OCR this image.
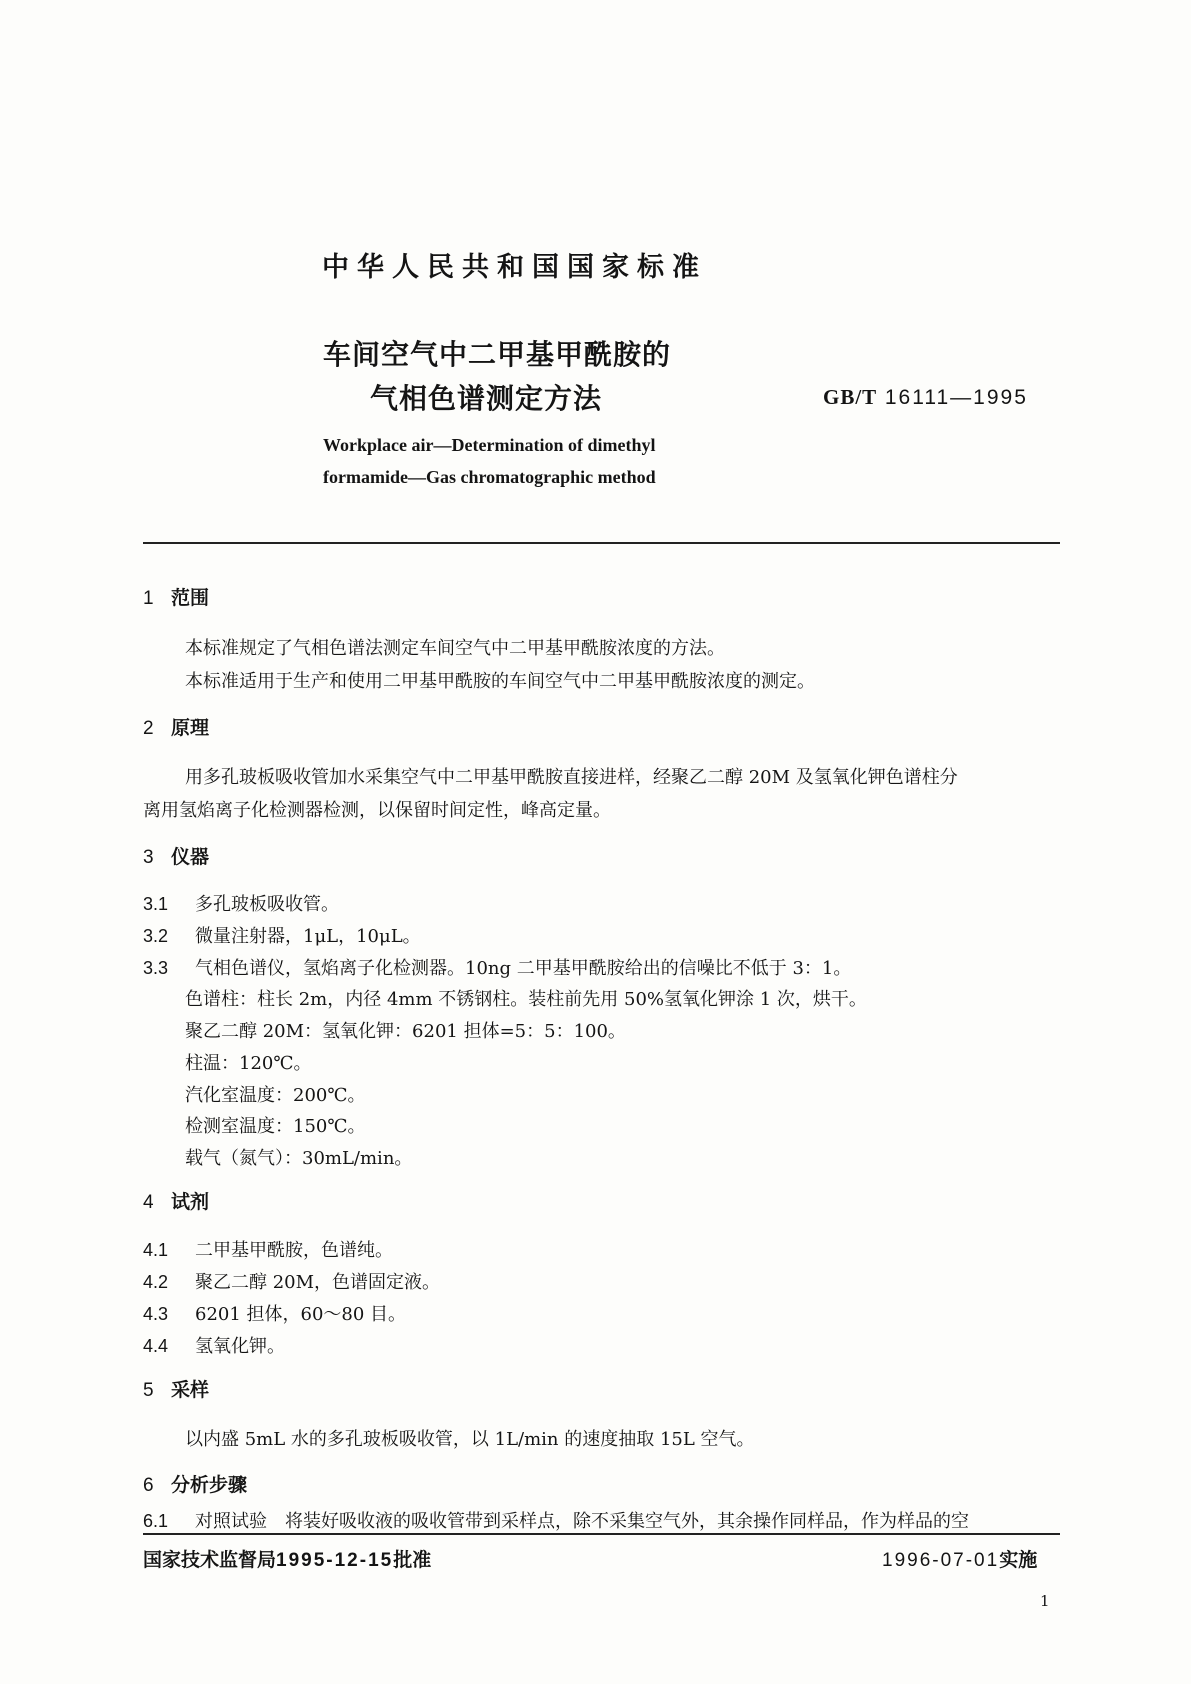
中华人民共和国国家标准
车间空气中二甲基甲酰胺的
气相色谱测定方法	GB/T 16111—1995
Workplace air—Determination of dimethyl
formamide—Gas chromatographic method
1 范围
本标准规定了气相色谱法测定车间空气中二甲基甲酰胺浓度的方法。
本标准适用于生产和使用二甲基甲酰胺的车间空气中二甲基甲酰胺浓度的测定。
2 原理
用多孔玻板吸收管加水采集空气中二甲基甲酰胺直接进样，经聚乙二醇 20M 及氢氧化钾色谱柱分
离用氢焰离子化检测器检测，以保留时间定性，峰高定量。
3 仪器
3.1 多孔玻板吸收管。
3.2 微量注射器，1μL，10μL。
3.3 气相色谱仪，氢焰离子化检测器。10ng 二甲基甲酰胺给出的信噪比不低于 3：1。
色谱柱：柱长 2m，内径 4mm 不锈钢柱。装柱前先用 50%氢氧化钾涂 1 次，烘干。
聚乙二醇 20M：氢氧化钾：6201 担体=5：5：100。
柱温：120℃。
汽化室温度：200℃。
检测室温度：150℃。
载气（氮气）：30mL/min。
4 试剂
4.1 二甲基甲酰胺，色谱纯。
4.2 聚乙二醇 20M，色谱固定液。
4.3 6201 担体，60～80 目。
4.4 氢氧化钾。
5 采样
以内盛 5mL 水的多孔玻板吸收管，以 1L/min 的速度抽取 15L 空气。
6 分析步骤
6.1 对照试验　将装好吸收液的吸收管带到采样点，除不采集空气外，其余操作同样品，作为样品的空
国家技术监督局1995-12-15批准	1996-07-01实施
1
